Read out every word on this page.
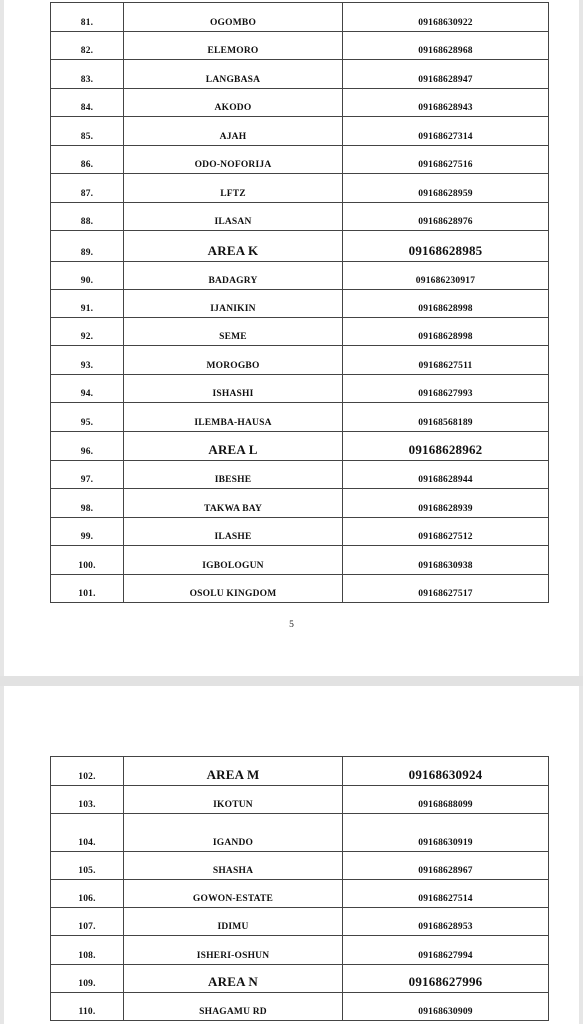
81.	OGOMBO	09168630922
82.	ELEMORO	09168628968
83.	LANGBASA	09168628947
84.	AKODO	09168628943
85.	AJAH	09168627314
86.	ODO-NOFORIJA	09168627516
87.	LFTZ	09168628959
88.	ILASAN	09168628976
89.	AREA K	09168628985
90.	BADAGRY	091686230917
91.	IJANIKIN	09168628998
92.	SEME	09168628998
93.	MOROGBO	09168627511
94.	ISHASHI	09168627993
95.	ILEMBA-HAUSA	09168568189
96.	AREA L	09168628962
97.	IBESHE	09168628944
98.	TAKWA BAY	09168628939
99.	ILASHE	09168627512
100.	IGBOLOGUN	09168630938
101.	OSOLU KINGDOM	09168627517
5
102.	AREA M	09168630924
103.	IKOTUN	09168688099
104.	IGANDO	09168630919
105.	SHASHA	09168628967
106.	GOWON-ESTATE	09168627514
107.	IDIMU	09168628953
108.	ISHERI-OSHUN	09168627994
109.	AREA N	09168627996
110.	SHAGAMU RD	09168630909
